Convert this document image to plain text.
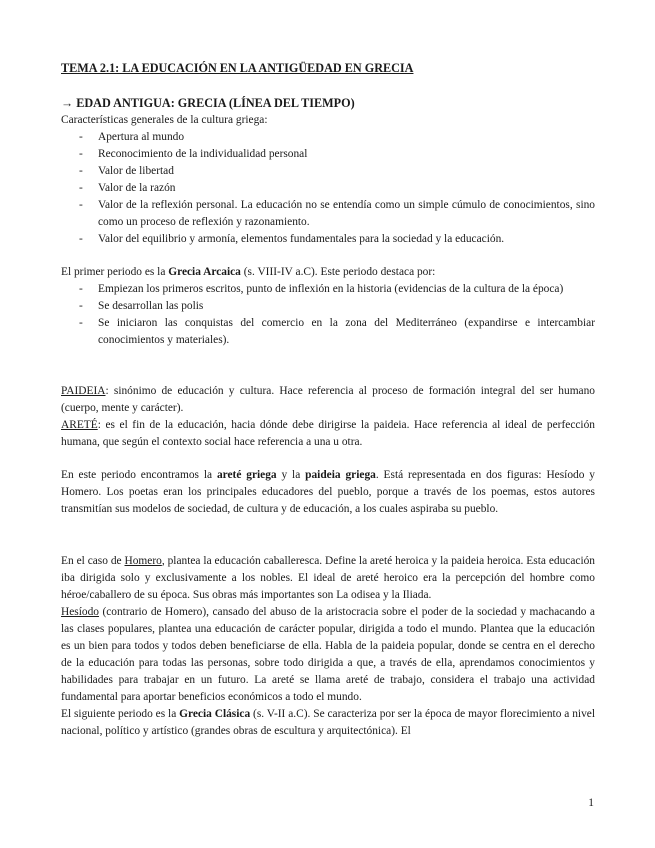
TEMA 2.1: LA EDUCACIÓN EN LA ANTIGÜEDAD EN GRECIA
→ EDAD ANTIGUA: GRECIA (LÍNEA DEL TIEMPO)

Características generales de la cultura griega:

- Apertura al mundo
- Reconocimiento de la individualidad personal
- Valor de libertad
- Valor de la razón
- Valor de la reflexión personal. La educación no se entendía como un simple cúmulo de conocimientos, sino como un proceso de reflexión y razonamiento.
- Valor del equilibrio y armonía, elementos fundamentales para la sociedad y la educación.

El primer periodo es la Grecia Arcaica (s. VIII-IV a.C). Este periodo destaca por:

- Empiezan los primeros escritos, punto de inflexión en la historia (evidencias de la cultura de la época)
- Se desarrollan las polis
- Se iniciaron las conquistas del comercio en la zona del Mediterráneo (expandirse e intercambiar conocimientos y materiales).

PAIDEIA: sinónimo de educación y cultura. Hace referencia al proceso de formación integral del ser humano (cuerpo, mente y carácter).

ARETÉ: es el fin de la educación, hacia dónde debe dirigirse la paideia. Hace referencia al ideal de perfección humana, que según el contexto social hace referencia a una u otra.

En este periodo encontramos la areté griega y la paideia griega. Está representada en dos figuras: Hesíodo y Homero. Los poetas eran los principales educadores del pueblo, porque a través de los poemas, estos autores transmitían sus modelos de sociedad, de cultura y de educación, a los cuales aspiraba su pueblo.

En el caso de Homero, plantea la educación caballeresca. Define la areté heroica y la paideia heroica. Esta educación iba dirigida solo y exclusivamente a los nobles. El ideal de areté heroico era la percepción del hombre como héroe/caballero de su época. Sus obras más importantes son La odisea y la Iliada.

Hesíodo (contrario de Homero), cansado del abuso de la aristocracia sobre el poder de la sociedad y machacando a las clases populares, plantea una educación de carácter popular, dirigida a todo el mundo. Plantea que la educación es un bien para todos y todos deben beneficiarse de ella. Habla de la paideia popular, donde se centra en el derecho de la educación para todas las personas, sobre todo dirigida a que, a través de ella, aprendamos conocimientos y habilidades para trabajar en un futuro. La areté se llama areté de trabajo, considera el trabajo una actividad fundamental para aportar beneficios económicos a todo el mundo.

El siguiente periodo es la Grecia Clásica (s. V-II a.C). Se caracteriza por ser la época de mayor florecimiento a nivel nacional, político y artístico (grandes obras de escultura y arquitectónica). El

1
